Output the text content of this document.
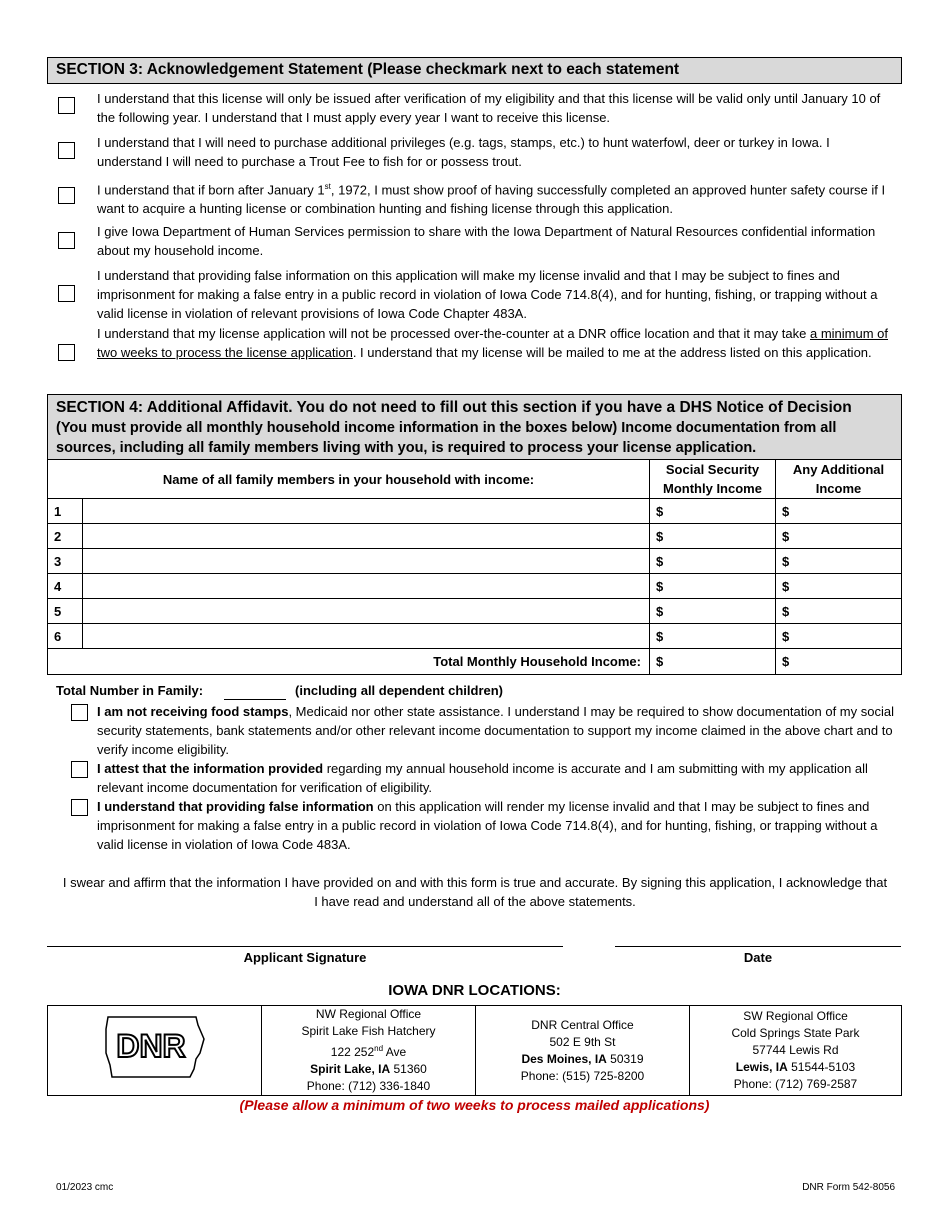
SECTION 3: Acknowledgement Statement (Please checkmark next to each statement
I understand that this license will only be issued after verification of my eligibility and that this license will be valid only until January 10 of the following year. I understand that I must apply every year I want to receive this license.
I understand that I will need to purchase additional privileges (e.g. tags, stamps, etc.) to hunt waterfowl, deer or turkey in Iowa. I understand I will need to purchase a Trout Fee to fish for or possess trout.
I understand that if born after January 1st, 1972, I must show proof of having successfully completed an approved hunter safety course if I want to acquire a hunting license or combination hunting and fishing license through this application.
I give Iowa Department of Human Services permission to share with the Iowa Department of Natural Resources confidential information about my household income.
I understand that providing false information on this application will make my license invalid and that I may be subject to fines and imprisonment for making a false entry in a public record in violation of Iowa Code 714.8(4), and for hunting, fishing, or trapping without a valid license in violation of relevant provisions of Iowa Code Chapter 483A.
I understand that my license application will not be processed over-the-counter at a DNR office location and that it may take a minimum of two weeks to process the license application. I understand that my license will be mailed to me at the address listed on this application.
SECTION 4: Additional Affidavit. You do not need to fill out this section if you have a DHS Notice of Decision
(You must provide all monthly household income information in the boxes below) Income documentation from all sources, including all family members living with you, is required to process your license application.
Name of all family members in your household with income:		Social Security Monthly Income	Any Additional Income
1		$	$
2		$	$
3		$	$
4		$	$
5		$	$
6		$	$
Total Monthly Household Income:		$	$
Total Number in Family:	(including all dependent children)
I am not receiving food stamps, Medicaid nor other state assistance. I understand I may be required to show documentation of my social security statements, bank statements and/or other relevant income documentation to support my income claimed in the above chart and to verify income eligibility.
I attest that the information provided regarding my annual household income is accurate and I am submitting with my application all relevant income documentation for verification of eligibility.
I understand that providing false information on this application will render my license invalid and that I may be subject to fines and imprisonment for making a false entry in a public record in violation of Iowa Code 714.8(4), and for hunting, fishing, or trapping without a valid license in violation of Iowa Code 483A.
I swear and affirm that the information I have provided on and with this form is true and accurate. By signing this application, I acknowledge that I have read and understand all of the above statements.
Applicant Signature	Date
IOWA DNR LOCATIONS:
DNR

NW Regional Office
Spirit Lake Fish Hatchery
122 252nd Ave
Spirit Lake, IA 51360
Phone: (712) 336-1840

DNR Central Office
502 E 9th St
Des Moines, IA 50319
Phone: (515) 725-8200

SW Regional Office
Cold Springs State Park
57744 Lewis Rd
Lewis, IA 51544-5103
Phone: (712) 769-2587
(Please allow a minimum of two weeks to process mailed applications)
01/2023 cmc	DNR Form 542-8056
